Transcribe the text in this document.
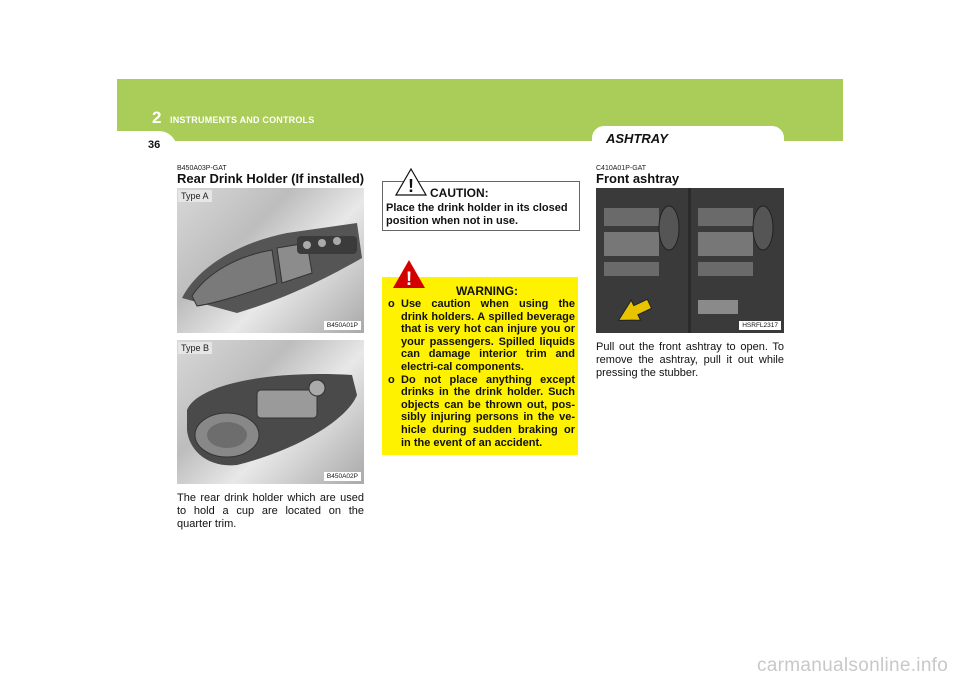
2 INSTRUMENTS AND CONTROLS
36	ASHTRAY
B450A03P-GAT
Rear Drink Holder (If installed)
Type A
B450A01P
Type B
B450A02P
The rear drink holder which are used to hold a cup are located on the quarter trim.
! CAUTION:
Place the drink holder in its closed position when not in use.
!
WARNING:
o Use caution when using the drink holders. A spilled beverage that is very hot can injure you or your passengers. Spilled liquids can damage interior trim and electri-cal components.
o Do not place anything except drinks in the drink holder. Such objects can be thrown out, pos-sibly injuring persons in the ve-hicle during sudden braking or in the event of an accident.
C410A01P-GAT
Front ashtray
HSRFL2317
Pull out the front ashtray to open. To remove the ashtray, pull it out while pressing the stubber.
carmanualsonline.info
